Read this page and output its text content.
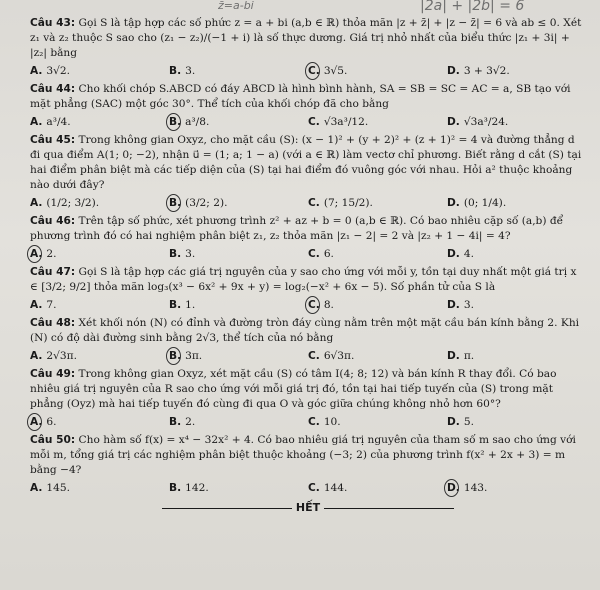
z̄=a-bi	|2a| + |2b| = 6

Câu 43: Gọi S là tập hợp các số phức z = a + bi (a,b ∈ ℝ) thỏa mãn |z + z̄| + |z − z̄| = 6 và ab ≤ 0. Xét z₁ và z₂ thuộc S sao cho (z₁ − z₂)/(−1 + i) là số thực dương. Giá trị nhỏ nhất của biểu thức |z₁ + 3i| + |z₂| bằng

A. 3√2.	B. 3.	C. 3√5.	D. 3 + 3√2.

Câu 44: Cho khối chóp S.ABCD có đáy ABCD là hình bình hành, SA = SB = SC = AC = a, SB tạo với mặt phẳng (SAC) một góc 30°. Thể tích của khối chóp đã cho bằng

A. a³/4.	B. a³/8.	C. √3a³/12.	D. √3a³/24.

Câu 45: Trong không gian Oxyz, cho mặt cầu (S): (x − 1)² + (y + 2)² + (z + 1)² = 4 và đường thẳng d đi qua điểm A(1; 0; −2), nhận u⃗ = (1; a; 1 − a) (với a ∈ ℝ) làm vectơ chỉ phương. Biết rằng d cắt (S) tại hai điểm phân biệt mà các tiếp diện của (S) tại hai điểm đó vuông góc với nhau. Hỏi a² thuộc khoảng nào dưới đây?

A. (1/2; 3/2).	B. (3/2; 2).	C. (7; 15/2).	D. (0; 1/4).

Câu 46: Trên tập số phức, xét phương trình z² + az + b = 0 (a,b ∈ ℝ). Có bao nhiêu cặp số (a,b) để phương trình đó có hai nghiệm phân biệt z₁, z₂ thỏa mãn |z₁ − 2| = 2 và |z₂ + 1 − 4i| = 4?

A. 2.	B. 3.	C. 6.	D. 4.

Câu 47: Gọi S là tập hợp các giá trị nguyên của y sao cho ứng với mỗi y, tồn tại duy nhất một giá trị x ∈ [3/2; 9/2] thỏa mãn log₃(x³ − 6x² + 9x + y) = log₂(−x² + 6x − 5). Số phần tử của S là

A. 7.	B. 1.	C. 8.	D. 3.

Câu 48: Xét khối nón (N) có đỉnh và đường tròn đáy cùng nằm trên một mặt cầu bán kính bằng 2. Khi (N) có độ dài đường sinh bằng 2√3, thể tích của nó bằng

A. 2√3π.	B. 3π.	C. 6√3π.	D. π.

Câu 49: Trong không gian Oxyz, xét mặt cầu (S) có tâm I(4; 8; 12) và bán kính R thay đổi. Có bao nhiêu giá trị nguyên của R sao cho ứng với mỗi giá trị đó, tồn tại hai tiếp tuyến của (S) trong mặt phẳng (Oyz) mà hai tiếp tuyến đó cùng đi qua O và góc giữa chúng không nhỏ hơn 60°?

A. 6.	B. 2.	C. 10.	D. 5.

Câu 50: Cho hàm số f(x) = x⁴ − 32x² + 4. Có bao nhiêu giá trị nguyên của tham số m sao cho ứng với mỗi m, tổng giá trị các nghiệm phân biệt thuộc khoảng (−3; 2) của phương trình f(x² + 2x + 3) = m bằng −4?

A. 145.	B. 142.	C. 144.	D. 143.
HẾT
